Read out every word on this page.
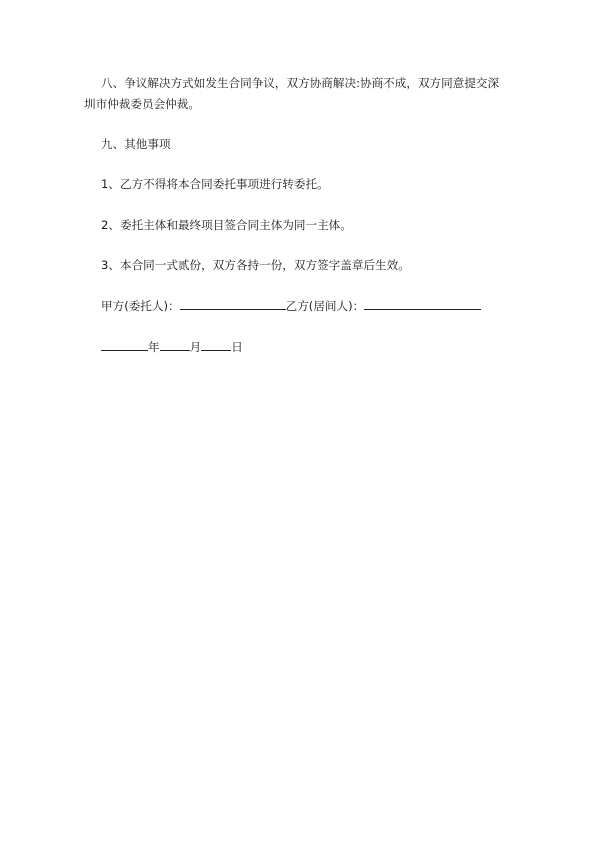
八、争议解决方式如发生合同争议，双方协商解决:协商不成，双方同意提交深
圳市仲裁委员会仲裁。

九、其他事项

1、乙方不得将本合同委托事项进行转委托。

2、委托主体和最终项目签合同主体为同一主体。

3、本合同一式贰份，双方各持一份，双方签字盖章后生效。

甲方(委托人)：	乙方(居间人)：
年	月	日
